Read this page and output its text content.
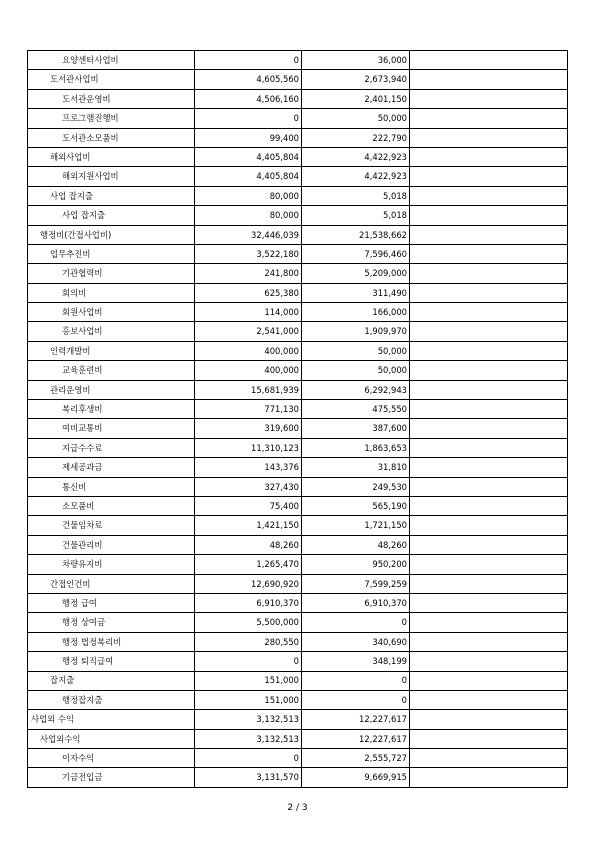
요양센터사업비	0	36,000	
도서관사업비	4,605,560	2,673,940	
도서관운영비	4,506,160	2,401,150	
프로그램진행비	0	50,000	
도서관소모품비	99,400	222,790	
해외사업비	4,405,804	4,422,923	
해외지원사업비	4,405,804	4,422,923	
사업 잡지출	80,000	5,018	
사업 잡지출	80,000	5,018	
행정비(간접사업비)	32,446,039	21,538,662	
업무추진비	3,522,180	7,596,460	
기관협력비	241,800	5,209,000	
회의비	625,380	311,490	
회원사업비	114,000	166,000	
홍보사업비	2,541,000	1,909,970	
인력개발비	400,000	50,000	
교육훈련비	400,000	50,000	
관리운영비	15,681,939	6,292,943	
복리후생비	771,130	475,550	
여비교통비	319,600	387,600	
지급수수료	11,310,123	1,863,653	
제세공과금	143,376	31,810	
통신비	327,430	249,530	
소모품비	75,400	565,190	
건물임차료	1,421,150	1,721,150	
건물관리비	48,260	48,260	
차량유지비	1,265,470	950,200	
간접인건비	12,690,920	7,599,259	
행정 급여	6,910,370	6,910,370	
행정 상여금	5,500,000	0	
행정 법정복리비	280,550	340,690	
행정 퇴직급여	0	348,199	
잡지출	151,000	0	
행정잡지출	151,000	0	
사업외 수익	3,132,513	12,227,617	
사업외수익	3,132,513	12,227,617	
이자수익	0	2,555,727	
기금전입금	3,131,570	9,669,915	
2 / 3
